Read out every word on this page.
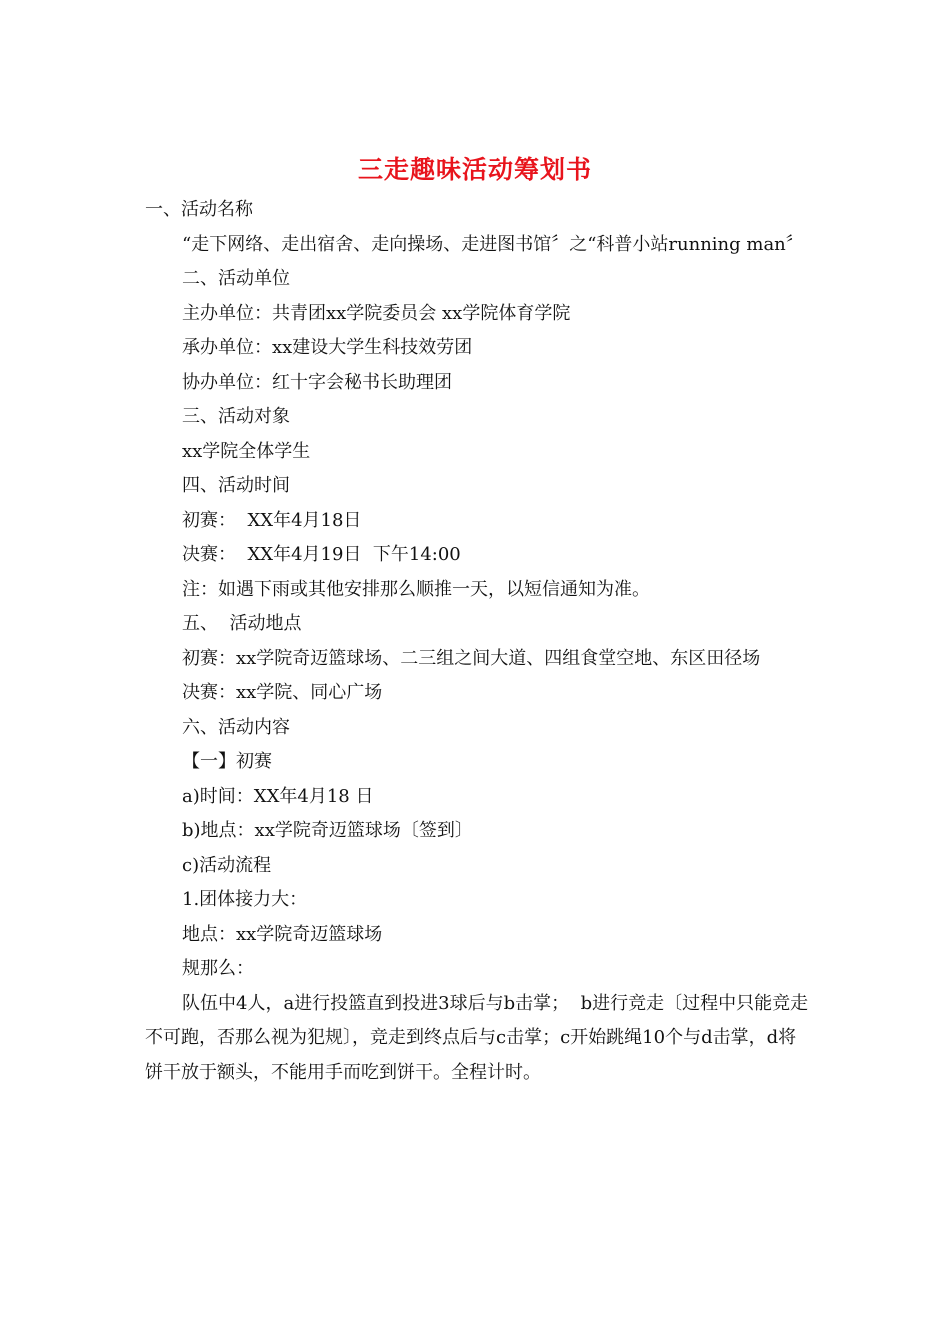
三走趣味活动筹划书
一、活动名称
“走下网络、走出宿舍、走向操场、走进图书馆〞之“科普小站running man〞
二、活动单位
主办单位：共青团xx学院委员会 xx学院体育学院
承办单位：xx建设大学生科技效劳团
协办单位：红十字会秘书长助理团
三、活动对象
xx学院全体学生
四、活动时间
初赛：  XX年4月18日
决赛：  XX年4月19日  下午14:00
注：如遇下雨或其他安排那么顺推一天，以短信通知为准。
五、  活动地点
初赛：xx学院奇迈篮球场、二三组之间大道、四组食堂空地、东区田径场
决赛：xx学院、同心广场
六、活动内容
【一】初赛
a)时间：XX年4月18 日
b)地点：xx学院奇迈篮球场〔签到〕
c)活动流程
1.团体接力大：
地点：xx学院奇迈篮球场
规那么：
队伍中4人，a进行投篮直到投进3球后与b击掌；  b进行竞走〔过程中只能竞走不可跑，否那么视为犯规〕，竞走到终点后与c击掌；c开始跳绳10个与d击掌，d将饼干放于额头，不能用手而吃到饼干。全程计时。
